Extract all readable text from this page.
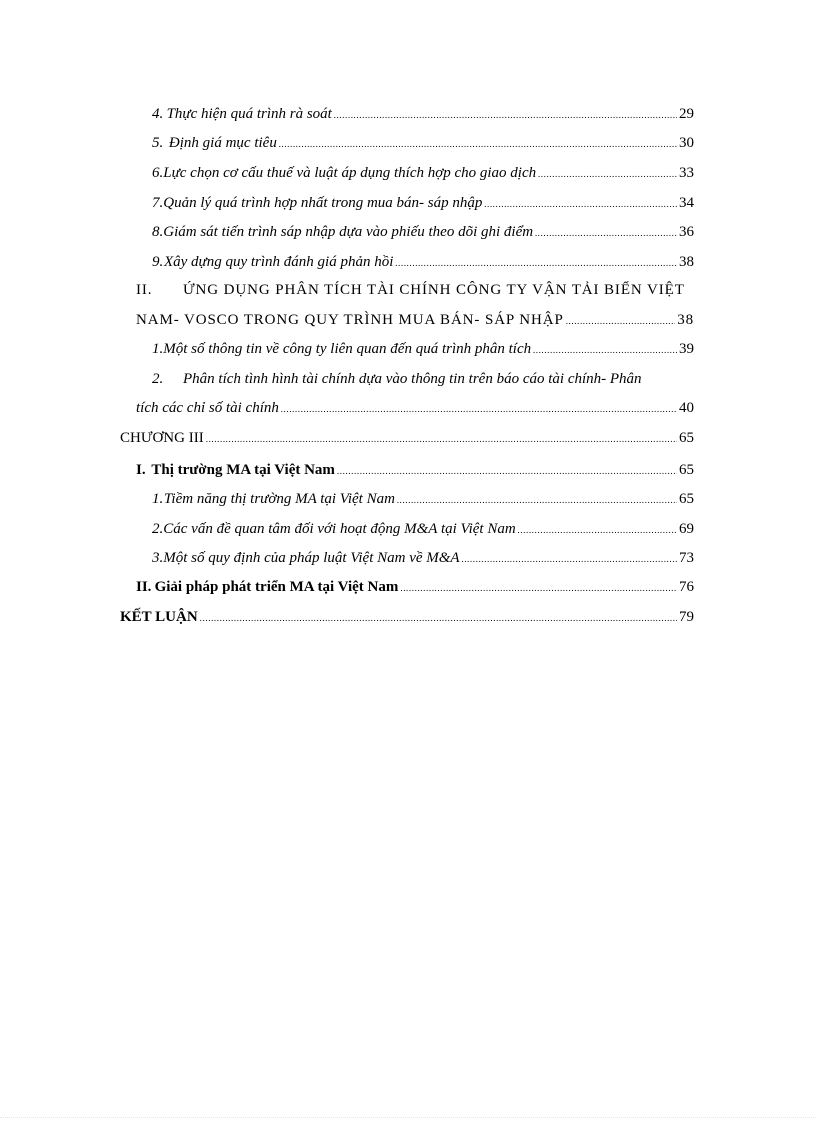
4. Thực hiện quá trình rà soát .....	29
5. Định giá mục tiêu .....	30
6. Lực chọn cơ cấu thuế và luật áp dụng thích hợp cho giao dịch .....	33
7. Quản lý quá trình hợp nhất trong mua bán- sáp nhập .....	34
8. Giám sát tiến trình sáp nhập dựa vào phiếu theo dõi ghi điểm .....	36
9. Xây dựng quy trình đánh giá phản hồi .....	38
II.	ỨNG DỤNG PHÂN TÍCH TÀI CHÍNH CÔNG TY VẬN TẢI BIỂN VIỆT
NAM- VOSCO TRONG QUY TRÌNH MUA BÁN- SÁP NHẬP .....	38
1. Một số thông tin về công ty liên quan đến quá trình phân tích .....	39
2.	Phân tích tình hình tài chính dựa vào thông tin trên báo cáo tài chính- Phân
tích các chỉ số tài chính .....	40
CHƯƠNG III .....	65
I. Thị trường MA tại Việt Nam .....	65
1. Tiềm năng thị trường MA tại Việt Nam .....	65
2. Các vấn đề quan tâm đối với hoạt động M&A tại Việt Nam .....	69
3. Một số quy định của pháp luật Việt Nam về M&A .....	73
II. Giải pháp phát triển MA tại Việt Nam .....	76
KẾT LUẬN .....	79
